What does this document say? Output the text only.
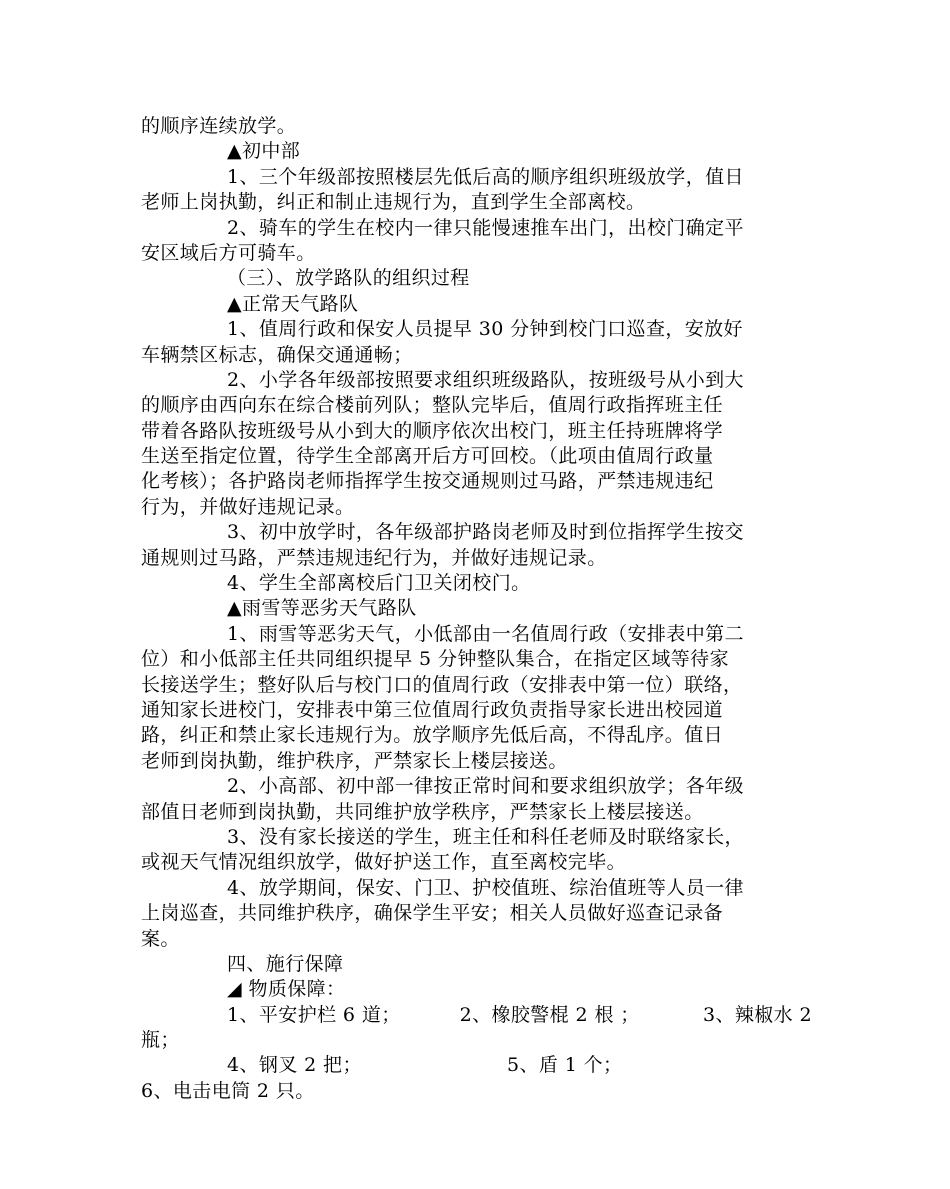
的顺序连续放学。
▲初中部
1、三个年级部按照楼层先低后高的顺序组织班级放学，值日
老师上岗执勤，纠正和制止违规行为，直到学生全部离校。
2、骑车的学生在校内一律只能慢速推车出门，出校门确定平
安区域后方可骑车。
（三）、放学路队的组织过程
▲正常天气路队
1、值周行政和保安人员提早 30 分钟到校门口巡查，安放好
车辆禁区标志，确保交通通畅；
2、小学各年级部按照要求组织班级路队，按班级号从小到大
的顺序由西向东在综合楼前列队；整队完毕后，值周行政指挥班主任
带着各路队按班级号从小到大的顺序依次出校门，班主任持班牌将学
生送至指定位置，待学生全部离开后方可回校。（此项由值周行政量
化考核）；各护路岗老师指挥学生按交通规则过马路，严禁违规违纪
行为，并做好违规记录。
3、初中放学时，各年级部护路岗老师及时到位指挥学生按交
通规则过马路，严禁违规违纪行为，并做好违规记录。
4、学生全部离校后门卫关闭校门。
▲雨雪等恶劣天气路队
1、雨雪等恶劣天气，小低部由一名值周行政（安排表中第二
位）和小低部主任共同组织提早 5 分钟整队集合，在指定区域等待家
长接送学生；整好队后与校门口的值周行政（安排表中第一位）联络，
通知家长进校门，安排表中第三位值周行政负责指导家长进出校园道
路，纠正和禁止家长违规行为。放学顺序先低后高，不得乱序。值日
老师到岗执勤，维护秩序，严禁家长上楼层接送。
2、小高部、初中部一律按正常时间和要求组织放学；各年级
部值日老师到岗执勤，共同维护放学秩序，严禁家长上楼层接送。
3、没有家长接送的学生，班主任和科任老师及时联络家长，
或视天气情况组织放学，做好护送工作，直至离校完毕。
4、放学期间，保安、门卫、护校值班、综治值班等人员一律
上岗巡查，共同维护秩序，确保学生平安；相关人员做好巡查记录备
案。
四、施行保障
◢ 物质保障：
1、平安护栏 6 道；	2、橡胶警棍 2 根 ；	3、辣椒水 2
瓶；
4、钢叉 2 把；	5、盾 1 个；
6、电击电筒 2 只。
